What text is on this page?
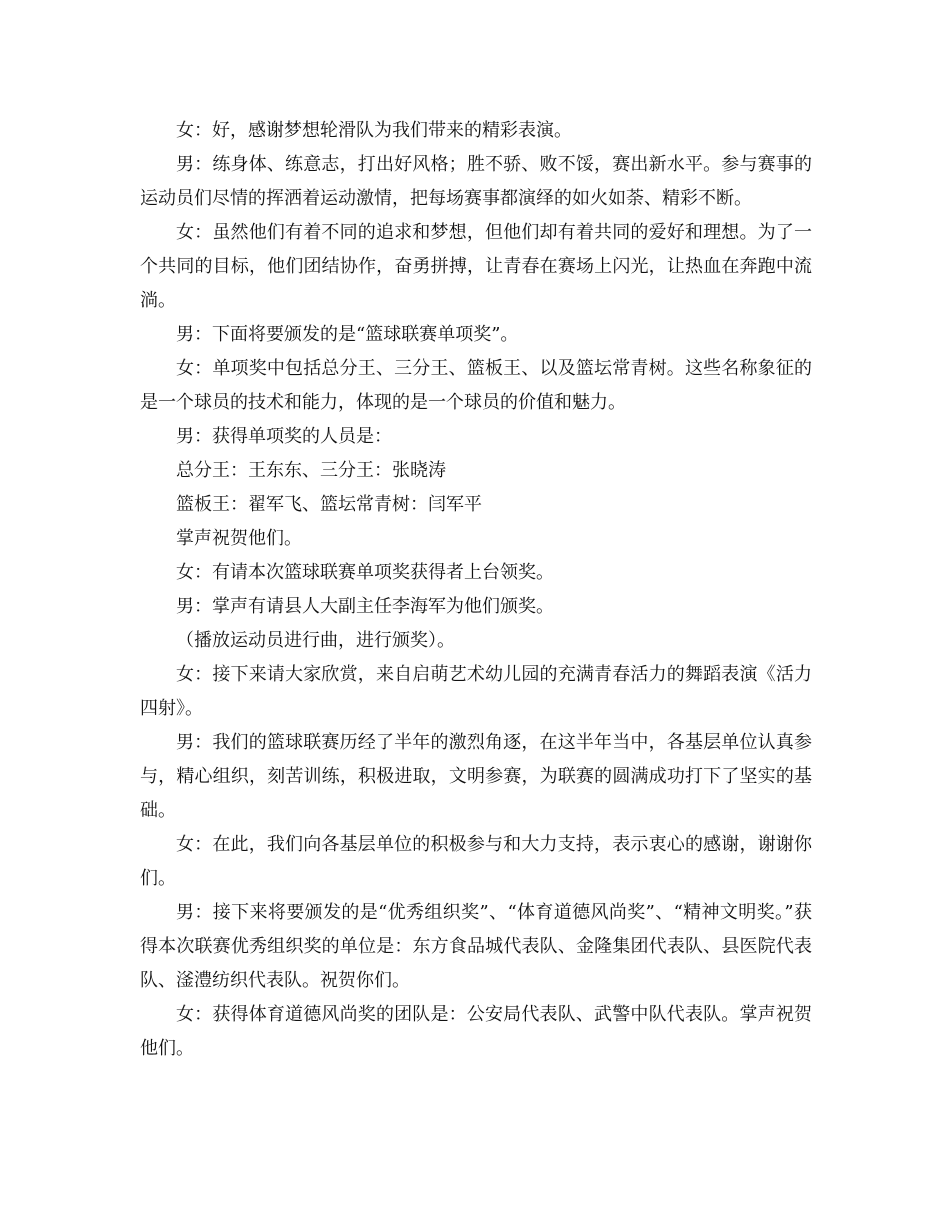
女：好，感谢梦想轮滑队为我们带来的精彩表演。

男：练身体、练意志，打出好风格；胜不骄、败不馁，赛出新水平。参与赛事的运动员们尽情的挥洒着运动激情，把每场赛事都演绎的如火如荼、精彩不断。

女：虽然他们有着不同的追求和梦想，但他们却有着共同的爱好和理想。为了一个共同的目标，他们团结协作，奋勇拼搏，让青春在赛场上闪光，让热血在奔跑中流淌。

男：下面将要颁发的是“篮球联赛单项奖”。

女：单项奖中包括总分王、三分王、篮板王、以及篮坛常青树。这些名称象征的是一个球员的技术和能力，体现的是一个球员的价值和魅力。

男：获得单项奖的人员是：

总分王：王东东、三分王：张晓涛

篮板王：翟军飞、篮坛常青树：闫军平

掌声祝贺他们。

女：有请本次篮球联赛单项奖获得者上台领奖。

男：掌声有请县人大副主任李海军为他们颁奖。

（播放运动员进行曲，进行颁奖）。

女：接下来请大家欣赏，来自启萌艺术幼儿园的充满青春活力的舞蹈表演《活力四射》。

男：我们的篮球联赛历经了半年的激烈角逐，在这半年当中，各基层单位认真参与，精心组织，刻苦训练，积极进取，文明参赛，为联赛的圆满成功打下了坚实的基础。

女：在此，我们向各基层单位的积极参与和大力支持，表示衷心的感谢，谢谢你们。

男：接下来将要颁发的是“优秀组织奖”、“体育道德风尚奖”、“精神文明奖。”获得本次联赛优秀组织奖的单位是：东方食品城代表队、金隆集团代表队、县医院代表队、滏澧纺织代表队。祝贺你们。

女：获得体育道德风尚奖的团队是：公安局代表队、武警中队代表队。掌声祝贺他们。
